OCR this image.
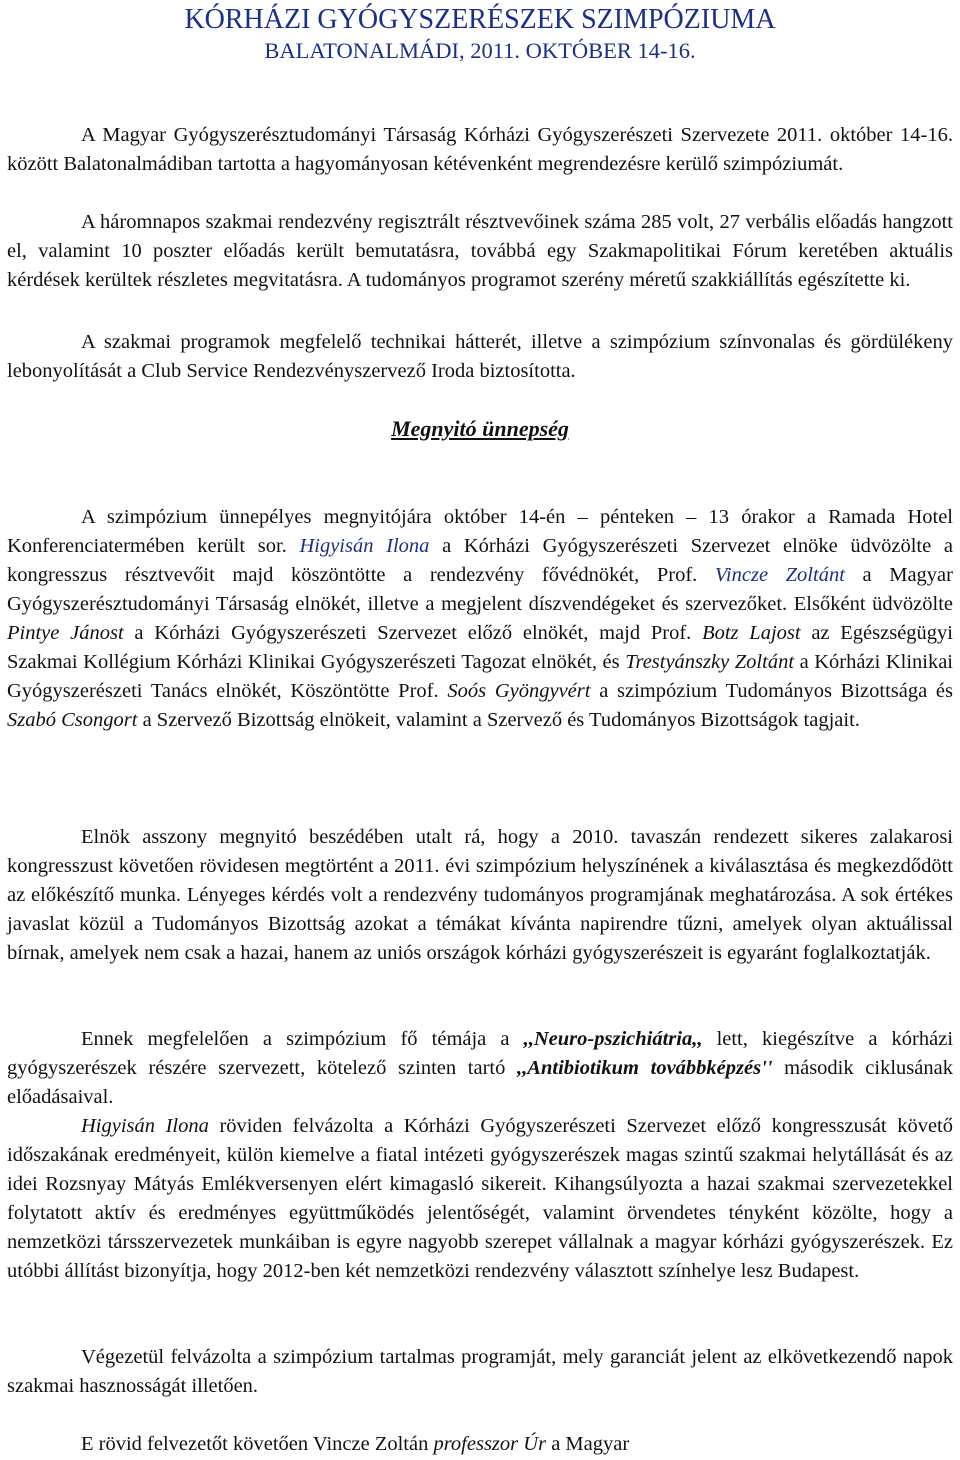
KÓRHÁZI GYÓGYSZERÉSZEK SZIMPÓZIUMA
BALATONALMÁDI, 2011. OKTÓBER 14-16.
A Magyar Gyógyszerésztudományi Társaság Kórházi Gyógyszerészeti Szervezete 2011. október 14-16. között Balatonalmádiban tartotta a hagyományosan kétévenként megrendezésre kerülő szimpóziumát.
A háromnapos szakmai rendezvény regisztrált résztvevőinek száma 285 volt, 27 verbális előadás hangzott el, valamint 10 poszter előadás került bemutatásra, továbbá egy Szakmapolitikai Fórum keretében aktuális kérdések kerültek részletes megvitatásra. A tudományos programot szerény méretű szakkiállítás egészítette ki.
A szakmai programok megfelelő technikai hátterét, illetve a szimpózium színvonalas és gördülékeny lebonyolítását a Club Service Rendezvényszervező Iroda biztosította.
Megnyitó ünnepség
A szimpózium ünnepélyes megnyitójára október 14-én – pénteken – 13 órakor a Ramada Hotel Konferenciatermében került sor. Higyisán Ilona a Kórházi Gyógyszerészeti Szervezet elnöke üdvözölte a kongresszus résztvevőit majd köszöntötte a rendezvény fővédnökét, Prof. Vincze Zoltánt a Magyar Gyógyszerésztudományi Társaság elnökét, illetve a megjelent díszvendégeket és szervezőket. Elsőként üdvözölte Pintye Jánost a Kórházi Gyógyszerészeti Szervezet előző elnökét, majd Prof. Botz Lajost az Egészségügyi Szakmai Kollégium Kórházi Klinikai Gyógyszerészeti Tagozat elnökét, és Trestyánszky Zoltánt a Kórházi Klinikai Gyógyszerészeti Tanács elnökét, Köszöntötte Prof. Soós Gyöngyvért a szimpózium Tudományos Bizottsága és Szabó Csongort a Szervező Bizottság elnökeit, valamint a Szervező és Tudományos Bizottságok tagjait.
Elnök asszony megnyitó beszédében utalt rá, hogy a 2010. tavaszán rendezett sikeres zalakarosi kongresszust követően rövidesen megtörtént a 2011. évi szimpózium helyszínének a kiválasztása és megkezdődött az előkészítő munka. Lényeges kérdés volt a rendezvény tudományos programjának meghatározása. A sok értékes javaslat közül a Tudományos Bizottság azokat a témákat kívánta napirendre tűzni, amelyek olyan aktuálissal bírnak, amelyek nem csak a hazai, hanem az uniós országok kórházi gyógyszerészeit is egyaránt foglalkoztatják.
Ennek megfelelően a szimpózium fő témája a ,,Neuro-pszichiátria,, lett, kiegészítve a kórházi gyógyszerészek részére szervezett, kötelező szinten tartó ,,Antibiotikum továbbképzés'' második ciklusának előadásaival.
Higyisán Ilona röviden felvázolta a Kórházi Gyógyszerészeti Szervezet előző kongresszusát követő időszakának eredményeit, külön kiemelve a fiatal intézeti gyógyszerészek magas szintű szakmai helytállását és az idei Rozsnyay Mátyás Emlékversenyen elért kimagasló sikereit. Kihangsúlyozta a hazai szakmai szervezetekkel folytatott aktív és eredményes együttműködés jelentőségét, valamint örvendetes tényként közölte, hogy a nemzetközi társszervezetek munkáiban is egyre nagyobb szerepet vállalnak a magyar kórházi gyógyszerészek. Ez utóbbi állítást bizonyítja, hogy 2012-ben két nemzetközi rendezvény választott színhelye lesz Budapest.
Végezetül felvázolta a szimpózium tartalmas programját, mely garanciát jelent az elkövetkezendő napok szakmai hasznosságát illetően.
E rövid felvezetőt követően Vincze Zoltán professzor Úr a Magyar
